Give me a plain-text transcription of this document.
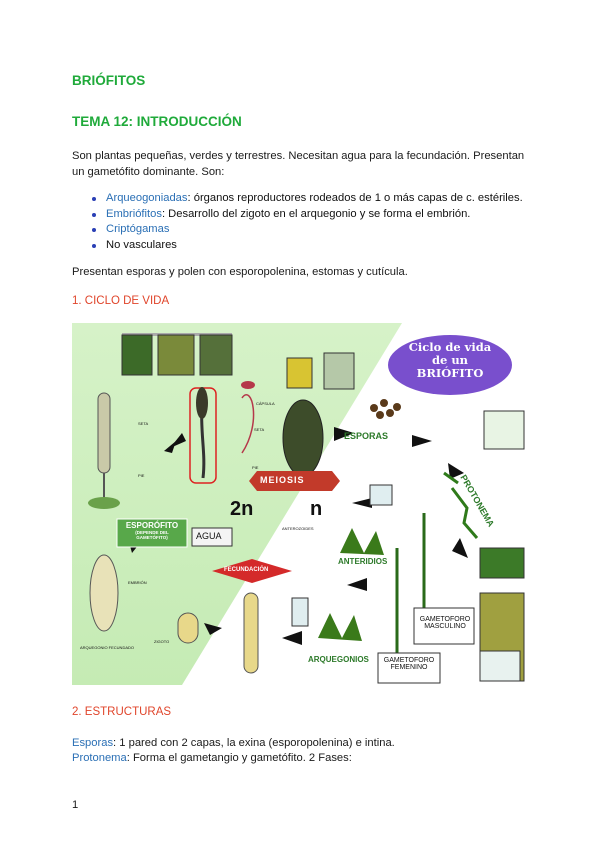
BRIÓFITOS
TEMA 12: INTRODUCCIÓN
Son plantas pequeñas, verdes y terrestres. Necesitan agua para la fecundación. Presentan
un gametófito dominante. Son:
Arqueogoniadas: órganos reproductores rodeados de 1 o más capas de c. estériles.
Embriófitos: Desarrollo del zigoto en el arquegonio y se forma el embrión.
Criptógamas
No vasculares
Presentan esporas y polen con esporopolenina, estomas y cutícula.
1. CICLO DE VIDA
Ciclo de vida
de un
BRIÓFITO
MEIOSIS
ESPORAS
PROTONEMA
2n	n
ESPORÓFITO
(DEPENDE DEL GAMETÓFITO)	AGUA
FECUNDACIÓN
ANTERIDIOS
ARQUEGONIOS
GAMETOFORO
MASCULINO
GAMETOFORO
FEMENINO
CÁPSULA
SETA
SETA
PIE
PIE
EMBRIÓN
ZIGOTO
ARQUEGONIO FECUNDADO
ANTEROZOIDES
2. ESTRUCTURAS
Esporas: 1 pared con 2 capas, la exina (esporopolenina) e intina.
Protonema: Forma el gametangio y gametófito. 2 Fases:
1
